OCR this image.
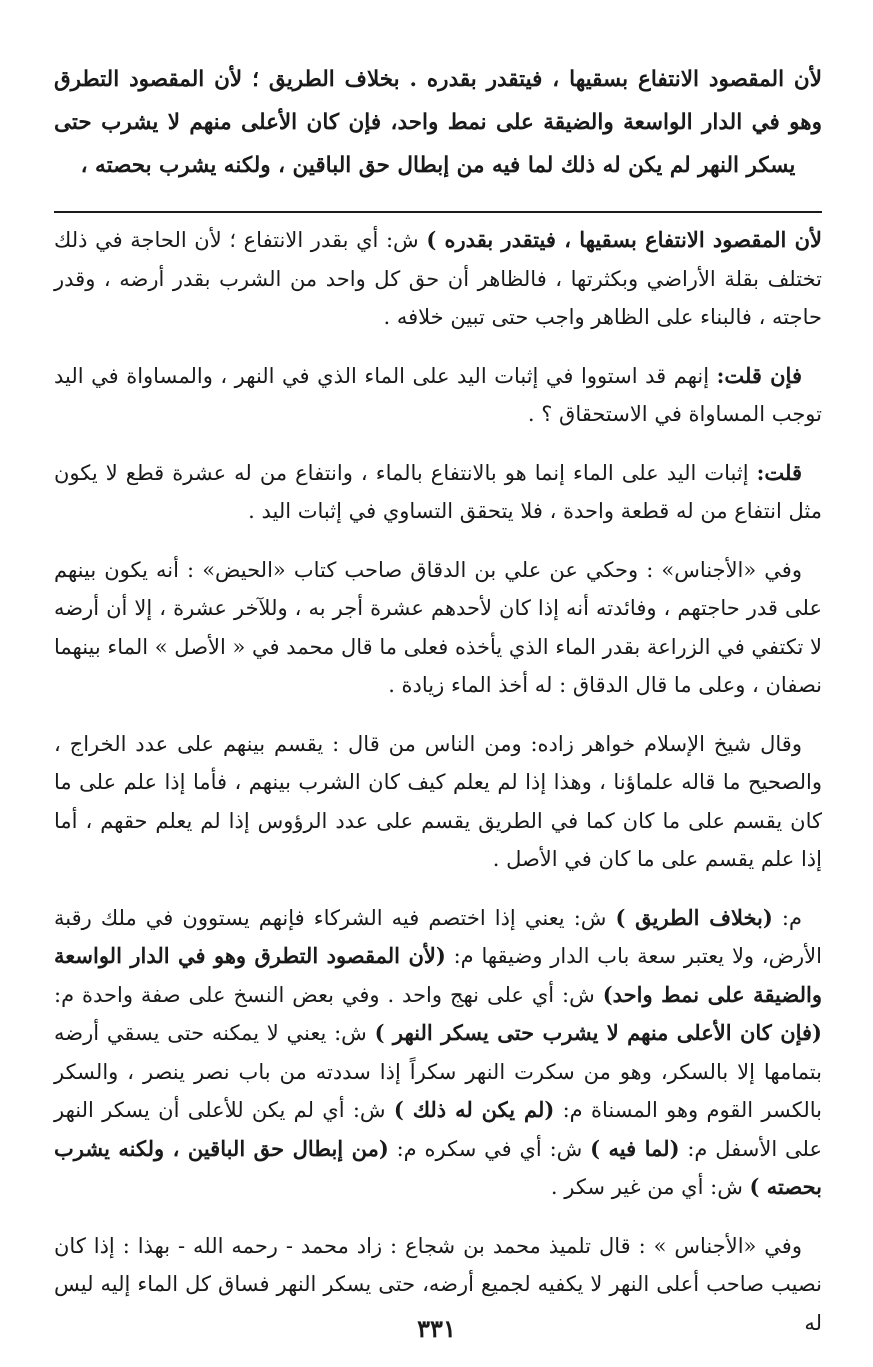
لأن المقصود الانتفاع بسقيها ، فيتقدر بقدره . بخلاف الطريق ؛ لأن المقصود التطرق وهو في الدار الواسعة والضيقة على نمط واحد، فإن كان الأعلى منهم لا يشرب حتى يسكر النهر لم يكن له ذلك لما فيه من إبطال حق الباقين ، ولكنه يشرب بحصته ،

لأن المقصود الانتفاع بسقيها ، فيتقدر بقدره ) ش: أي بقدر الانتفاع ؛ لأن الحاجة في ذلك تختلف بقلة الأراضي وبكثرتها ، فالظاهر أن حق كل واحد من الشرب بقدر أرضه ، وقدر حاجته ، فالبناء على الظاهر واجب حتى تبين خلافه .

فإن قلت: إنهم قد استووا في إثبات اليد على الماء الذي في النهر ، والمساواة في اليد توجب المساواة في الاستحقاق ؟ .

قلت: إثبات اليد على الماء إنما هو بالانتفاع بالماء ، وانتفاع من له عشرة قطع لا يكون مثل انتفاع من له قطعة واحدة ، فلا يتحقق التساوي في إثبات اليد .

وفي «الأجناس» : وحكي عن علي بن الدقاق صاحب كتاب «الحيض» : أنه يكون بينهم على قدر حاجتهم ، وفائدته أنه إذا كان لأحدهم عشرة أجر به ، وللآخر عشرة ، إلا أن أرضه لا تكتفي في الزراعة بقدر الماء الذي يأخذه فعلى ما قال محمد في « الأصل » الماء بينهما نصفان ، وعلى ما قال الدقاق : له أخذ الماء زيادة .

وقال شيخ الإسلام خواهر زاده: ومن الناس من قال : يقسم بينهم على عدد الخراج ، والصحيح ما قاله علماؤنا ، وهذا إذا لم يعلم كيف كان الشرب بينهم ، فأما إذا علم على ما كان يقسم على ما كان كما في الطريق يقسم على عدد الرؤوس إذا لم يعلم حقهم ، أما إذا علم يقسم على ما كان في الأصل .

م: (بخلاف الطريق ) ش: يعني إذا اختصم فيه الشركاء فإنهم يستوون في ملك رقبة الأرض، ولا يعتبر سعة باب الدار وضيقها م: (لأن المقصود التطرق وهو في الدار الواسعة والضيقة على نمط واحد) ش: أي على نهج واحد . وفي بعض النسخ على صفة واحدة م: (فإن كان الأعلى منهم لا يشرب حتى يسكر النهر ) ش: يعني لا يمكنه حتى يسقي أرضه بتمامها إلا بالسكر، وهو من سكرت النهر سكراً إذا سددته من باب نصر ينصر ، والسكر بالكسر القوم وهو المسناة م: (لم يكن له ذلك ) ش: أي لم يكن للأعلى أن يسكر النهر على الأسفل م: (لما فيه ) ش: أي في سكره م: (من إبطال حق الباقين ، ولكنه يشرب بحصته ) ش: أي من غير سكر .

وفي «الأجناس » : قال تلميذ محمد بن شجاع : زاد محمد - رحمه الله - بهذا : إذا كان نصيب صاحب أعلى النهر لا يكفيه لجميع أرضه، حتى يسكر النهر فساق كل الماء إليه ليس له

٣٣١
